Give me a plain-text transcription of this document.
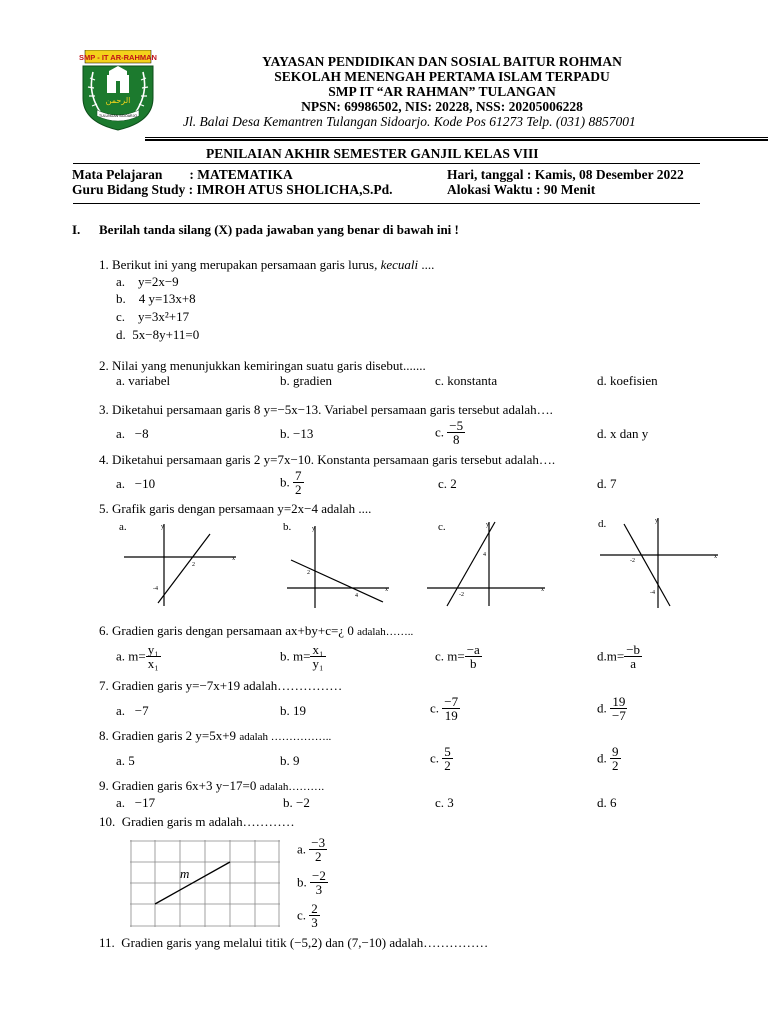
SMP - IT AR-RAHMAN
الرحمن
TULUNGAN SIDOARJO
YAYASAN PENDIDIKAN DAN SOSIAL BAITUR ROHMAN
SEKOLAH MENENGAH PERTAMA ISLAM TERPADU
SMP IT “AR RAHMAN” TULANGAN
NPSN: 69986502, NIS: 20228, NSS: 20205006228
Jl. Balai Desa Kemantren Tulangan Sidoarjo. Kode Pos 61273 Telp. (031) 8857001
PENILAIAN AKHIR SEMESTER GANJIL KELAS VIII
Mata Pelajaran        : MATEMATIKA	Hari, tanggal : Kamis, 08 Desember 2022
Guru Bidang Study : IMROH ATUS SHOLICHA,S.Pd.	Alokasi Waktu : 90 Menit
I. Berilah tanda silang (X) pada jawaban yang benar di bawah ini !
1. Berikut ini yang merupakan persamaan garis lurus, kecuali ....
a.    y=2x−9
b.    4 y=13x+8
c.    y=3x²+17
d.  5x−8y+11=0
2. Nilai yang menunjukkan kemiringan suatu garis disebut.......
a. variabel	b. gradien	c. konstanta	d. koefisien
3. Diketahui persamaan garis 8 y=−5x−13. Variabel persamaan garis tersebut adalah….
a.   −8	b. −13	c. $\frac{-5}{8}$	d. x dan y
4. Diketahui persamaan garis 2 y=7x−10. Konstanta persamaan garis tersebut adalah….
a.   −10	b. $\frac{7}{2}$	c. 2	d. 7
5. Grafik garis dengan persamaan y=2x−4 adalah ....
a.	b.	c.	d.
y
x
2
-4
y
x
2
4
y
x
4
-2
y
x
-2
-4
6. Gradien garis dengan persamaan ax+by+c=¿ 0 adalah……..
a. $m= \frac{\text{y₁}}{\text{x₁}}$	b. $m= \frac{\text{x₁}}{\text{y₁}}$	c. $m= \frac{-a}{b}$	$d.m= \frac{-b}{a}$
7. Gradien garis y=−7x+19 adalah……………
a.   −7	b. 19	c. $\frac{-7}{19}$	d. $\frac{19}{-7}$
8. Gradien garis 2 y=5x+9 adalah ……………..
a. 5	b. 9	c. $\frac{5}{2}$	d. $\frac{9}{2}$
9. Gradien garis 6x+3 y−17=0 adalah……….
a.   −17	b. −2	c. 3	d. 6
10.  Gradien garis m adalah…………
m
a. $\frac{-3}{2}$
b. $\frac{-2}{3}$
c. $\frac{2}{3}$
11.  Gradien garis yang melalui titik (−5,2) dan (7,−10) adalah……………
